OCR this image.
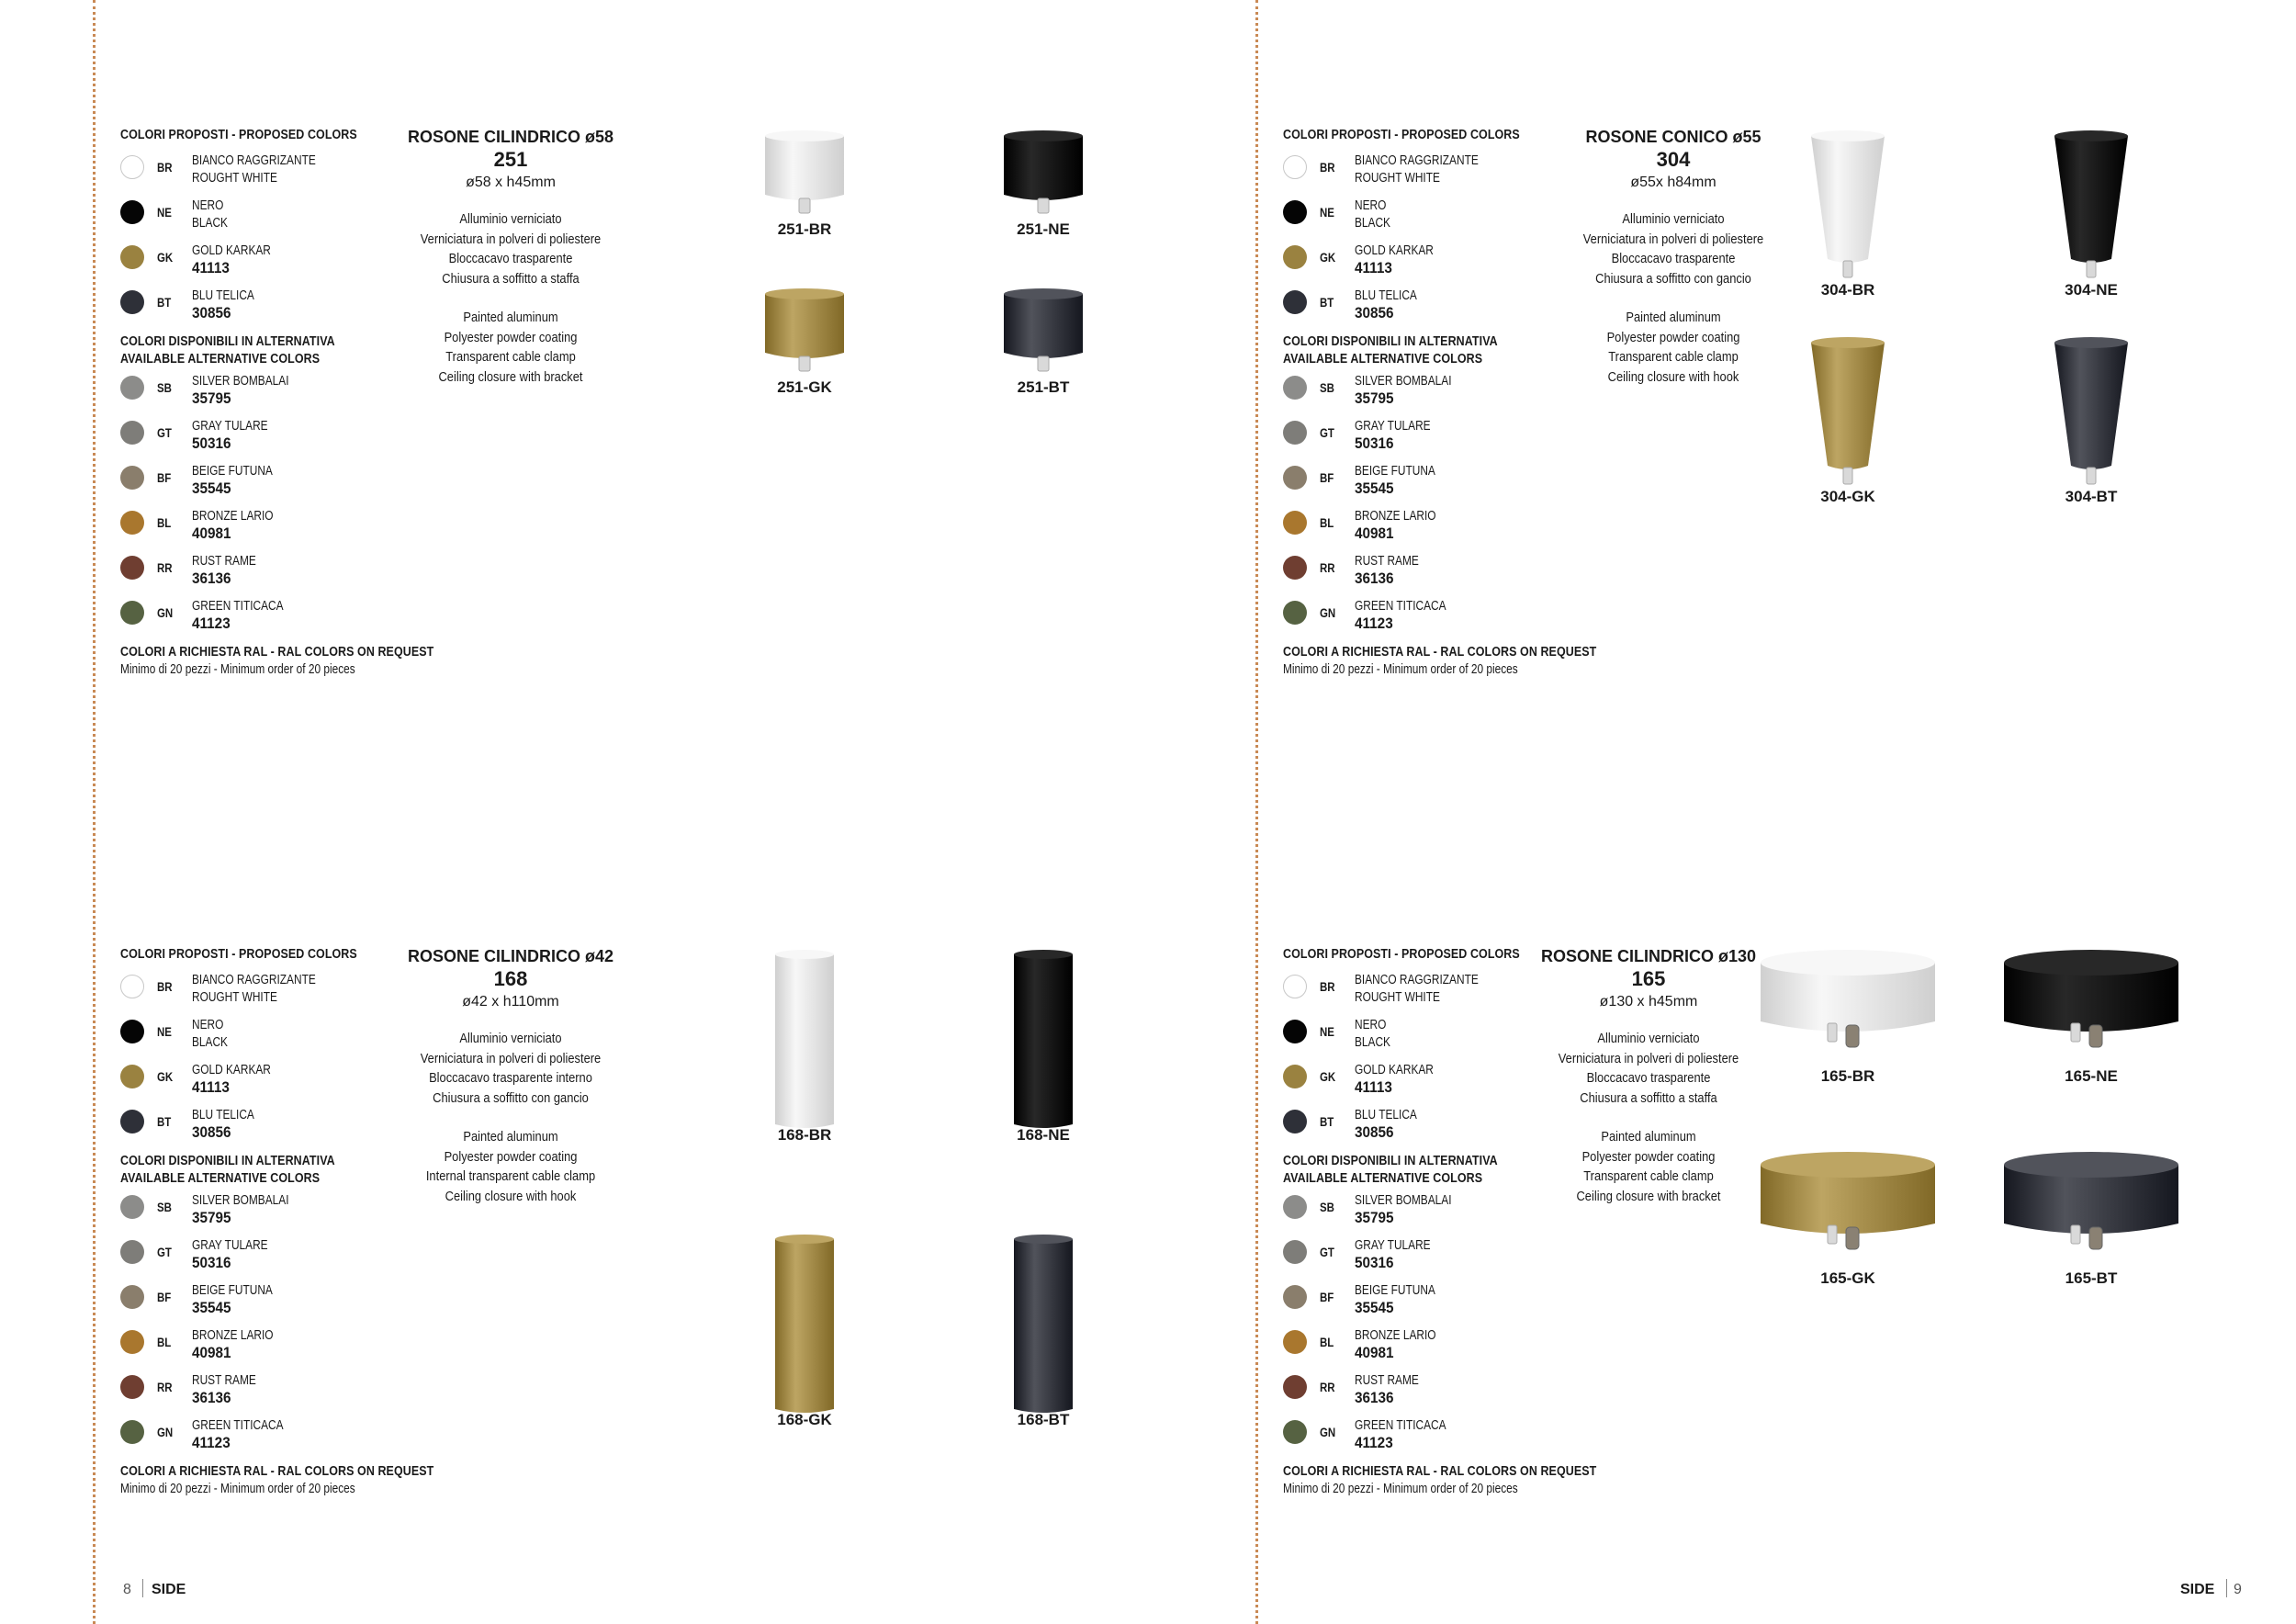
COLORI PROPOSTI - PROPOSED COLORS
BR BIANCO RAGGRIZANTE
ROUGHT WHITE
NE NERO
BLACK
GK GOLD KARKAR
41113
BT BLU TELICA
30856
COLORI DISPONIBILI IN ALTERNATIVA
AVAILABLE ALTERNATIVE COLORS
SB SILVER BOMBALAI
35795
GT GRAY TULARE
50316
BF BEIGE FUTUNA
35545
BL BRONZE LARIO
40981
RR RUST RAME
36136
GN GREEN TITICACA
41123
COLORI A RICHIESTA RAL - RAL COLORS ON REQUEST
Minimo di 20 pezzi - Minimum order of 20 pieces
ROSONE CILINDRICO ø58
251
ø58 x h45mm
Alluminio verniciato
Verniciatura in polveri di poliestere
Bloccacavo trasparente
Chiusura a soffitto a staffa
Painted aluminum
Polyester powder coating
Transparent cable clamp
Ceiling closure with bracket
251-BR	251-NE
251-GK	251-BT
COLORI PROPOSTI - PROPOSED COLORS
BR BIANCO RAGGRIZANTE
ROUGHT WHITE
NE NERO
BLACK
GK GOLD KARKAR
41113
BT BLU TELICA
30856
COLORI DISPONIBILI IN ALTERNATIVA
AVAILABLE ALTERNATIVE COLORS
SB SILVER BOMBALAI
35795
GT GRAY TULARE
50316
BF BEIGE FUTUNA
35545
BL BRONZE LARIO
40981
RR RUST RAME
36136
GN GREEN TITICACA
41123
COLORI A RICHIESTA RAL - RAL COLORS ON REQUEST
Minimo di 20 pezzi - Minimum order of 20 pieces
ROSONE CONICO ø55
304
ø55x h84mm
Alluminio verniciato
Verniciatura in polveri di poliestere
Bloccacavo trasparente
Chiusura a soffitto con gancio
Painted aluminum
Polyester powder coating
Transparent cable clamp
Ceiling closure with hook
304-BR	304-NE
304-GK	304-BT
COLORI PROPOSTI - PROPOSED COLORS
BR BIANCO RAGGRIZANTE
ROUGHT WHITE
NE NERO
BLACK
GK GOLD KARKAR
41113
BT BLU TELICA
30856
COLORI DISPONIBILI IN ALTERNATIVA
AVAILABLE ALTERNATIVE COLORS
SB SILVER BOMBALAI
35795
GT GRAY TULARE
50316
BF BEIGE FUTUNA
35545
BL BRONZE LARIO
40981
RR RUST RAME
36136
GN GREEN TITICACA
41123
COLORI A RICHIESTA RAL - RAL COLORS ON REQUEST
Minimo di 20 pezzi - Minimum order of 20 pieces
ROSONE CILINDRICO ø42
168
ø42 x h110mm
Alluminio verniciato
Verniciatura in polveri di poliestere
Bloccacavo trasparente interno
Chiusura a soffitto con gancio
Painted aluminum
Polyester powder coating
Internal transparent cable clamp
Ceiling closure with hook
168-BR	168-NE
168-GK	168-BT
COLORI PROPOSTI - PROPOSED COLORS
BR BIANCO RAGGRIZANTE
ROUGHT WHITE
NE NERO
BLACK
GK GOLD KARKAR
41113
BT BLU TELICA
30856
COLORI DISPONIBILI IN ALTERNATIVA
AVAILABLE ALTERNATIVE COLORS
SB SILVER BOMBALAI
35795
GT GRAY TULARE
50316
BF BEIGE FUTUNA
35545
BL BRONZE LARIO
40981
RR RUST RAME
36136
GN GREEN TITICACA
41123
COLORI A RICHIESTA RAL - RAL COLORS ON REQUEST
Minimo di 20 pezzi - Minimum order of 20 pieces
ROSONE CILINDRICO ø130
165
ø130 x h45mm
Alluminio verniciato
Verniciatura in polveri di poliestere
Bloccacavo trasparente
Chiusura a soffitto a staffa
Painted aluminum
Polyester powder coating
Transparent cable clamp
Ceiling closure with bracket
165-BR	165-NE
165-GK	165-BT
8 SIDE	SIDE 9
